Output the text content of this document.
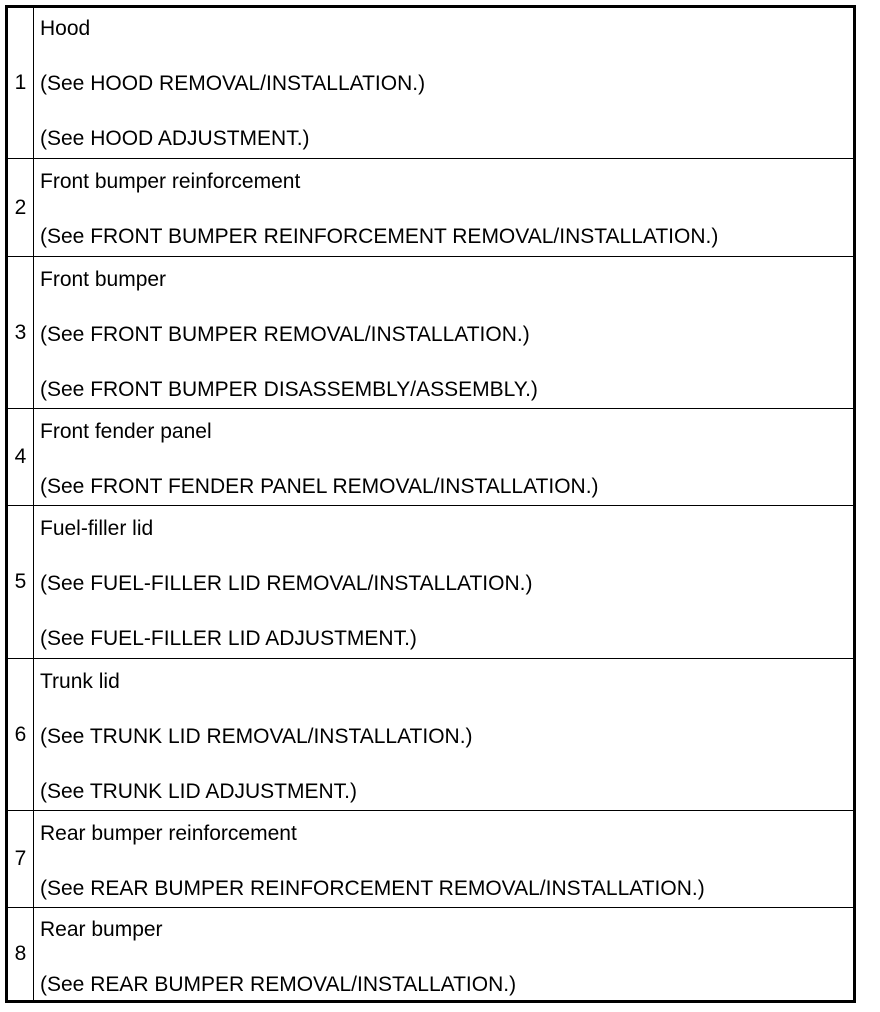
1
Hood
(See HOOD REMOVAL/INSTALLATION.)
(See HOOD ADJUSTMENT.)
2
Front bumper reinforcement
(See FRONT BUMPER REINFORCEMENT REMOVAL/INSTALLATION.)
3
Front bumper
(See FRONT BUMPER REMOVAL/INSTALLATION.)
(See FRONT BUMPER DISASSEMBLY/ASSEMBLY.)
4
Front fender panel
(See FRONT FENDER PANEL REMOVAL/INSTALLATION.)
5
Fuel-filler lid
(See FUEL-FILLER LID REMOVAL/INSTALLATION.)
(See FUEL-FILLER LID ADJUSTMENT.)
6
Trunk lid
(See TRUNK LID REMOVAL/INSTALLATION.)
(See TRUNK LID ADJUSTMENT.)
7
Rear bumper reinforcement
(See REAR BUMPER REINFORCEMENT REMOVAL/INSTALLATION.)
8
Rear bumper
(See REAR BUMPER REMOVAL/INSTALLATION.)
